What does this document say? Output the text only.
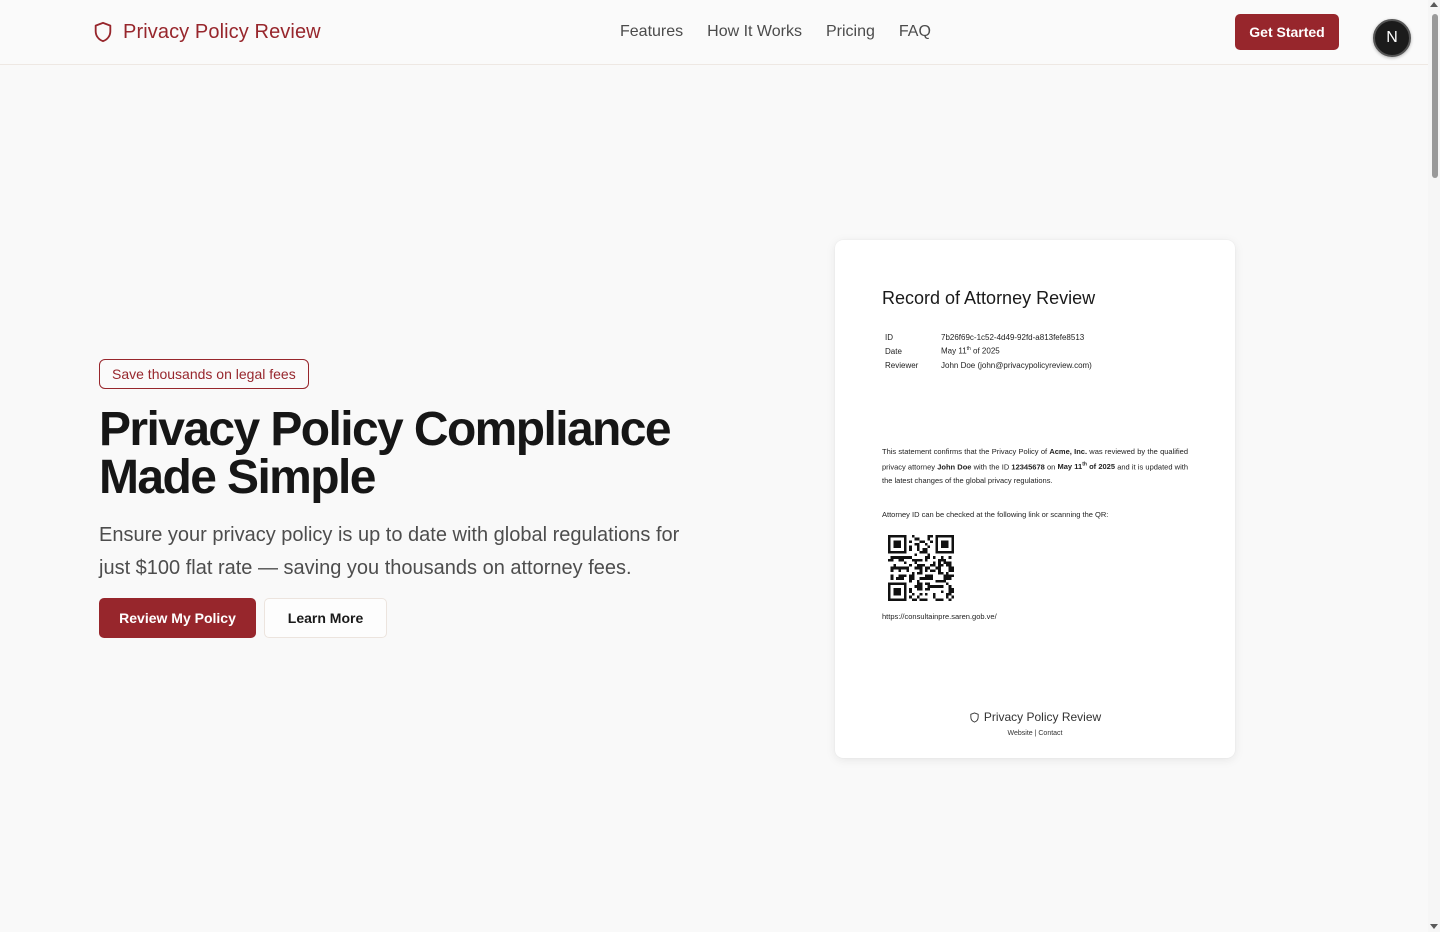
Privacy Policy Review	Features How It Works Pricing FAQ	Get Started	N
Save thousands on legal fees
Privacy Policy Compliance
Made Simple

Ensure your privacy policy is up to date with global regulations for
just $100 flat rate — saving you thousands on attorney fees.

Review My Policy	Learn More
Record of Attorney Review
ID	7b26f69c-1c52-4d49-92fd-a813fefe8513
Date	May 11th of 2025
Reviewer	John Doe (john@privacypolicyreview.com)

This statement confirms that the Privacy Policy of Acme, Inc. was reviewed by the qualified privacy attorney John Doe with the ID 12345678 on May 11th of 2025 and it is updated with the latest changes of the global privacy regulations.

Attorney ID can be checked at the following link or scanning the QR:
https://consultainpre.saren.gob.ve/
Privacy Policy Review
Website | Contact
